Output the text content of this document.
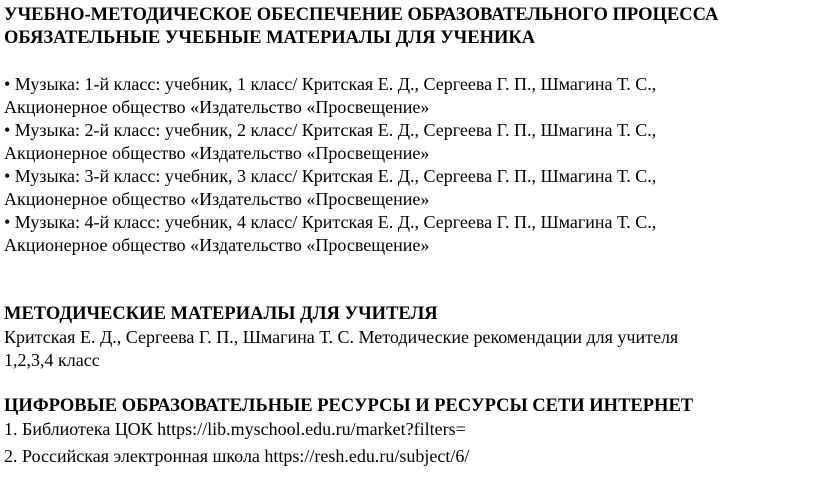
УЧЕБНО-МЕТОДИЧЕСКОЕ ОБЕСПЕЧЕНИЕ ОБРАЗОВАТЕЛЬНОГО ПРОЦЕССА
ОБЯЗАТЕЛЬНЫЕ УЧЕБНЫЕ МАТЕРИАЛЫ ДЛЯ УЧЕНИКА
• Музыка: 1-й класс: учебник, 1 класс/ Критская Е. Д., Сергеева Г. П., Шмагина Т. С.,
Акционерное общество «Издательство «Просвещение»
• Музыка: 2-й класс: учебник, 2 класс/ Критская Е. Д., Сергеева Г. П., Шмагина Т. С.,
Акционерное общество «Издательство «Просвещение»
• Музыка: 3-й класс: учебник, 3 класс/ Критская Е. Д., Сергеева Г. П., Шмагина Т. С.,
Акционерное общество «Издательство «Просвещение»
• Музыка: 4-й класс: учебник, 4 класс/ Критская Е. Д., Сергеева Г. П., Шмагина Т. С.,
Акционерное общество «Издательство «Просвещение»
МЕТОДИЧЕСКИЕ МАТЕРИАЛЫ ДЛЯ УЧИТЕЛЯ
Критская Е. Д., Сергеева Г. П., Шмагина Т. С. Методические рекомендации для учителя
1,2,3,4 класс
ЦИФРОВЫЕ ОБРАЗОВАТЕЛЬНЫЕ РЕСУРСЫ И РЕСУРСЫ СЕТИ ИНТЕРНЕТ
1. Библиотека ЦОК https://lib.myschool.edu.ru/market?filters=
2. Российская электронная школа https://resh.edu.ru/subject/6/
